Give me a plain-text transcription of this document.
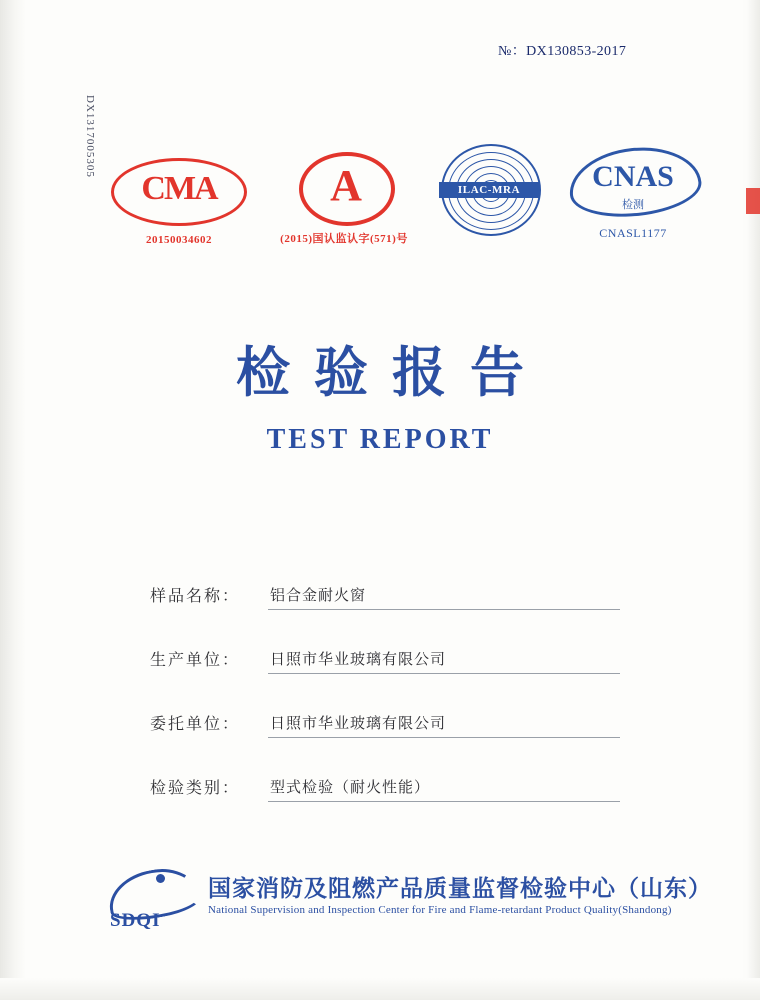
№：DX130853-2017
DX1317005305
CMA
20150034602
A
(2015)国认监认字(571)号
ILAC-MRA	CNAS
检测
CNASL1177
检验报告
TEST REPORT
样品名称： 铝合金耐火窗
生产单位： 日照市华业玻璃有限公司
委托单位： 日照市华业玻璃有限公司
检验类别： 型式检验（耐火性能）
SDQI
国家消防及阻燃产品质量监督检验中心（山东）
National Supervision and Inspection Center for Fire and Flame-retardant Product Quality(Shandong)
